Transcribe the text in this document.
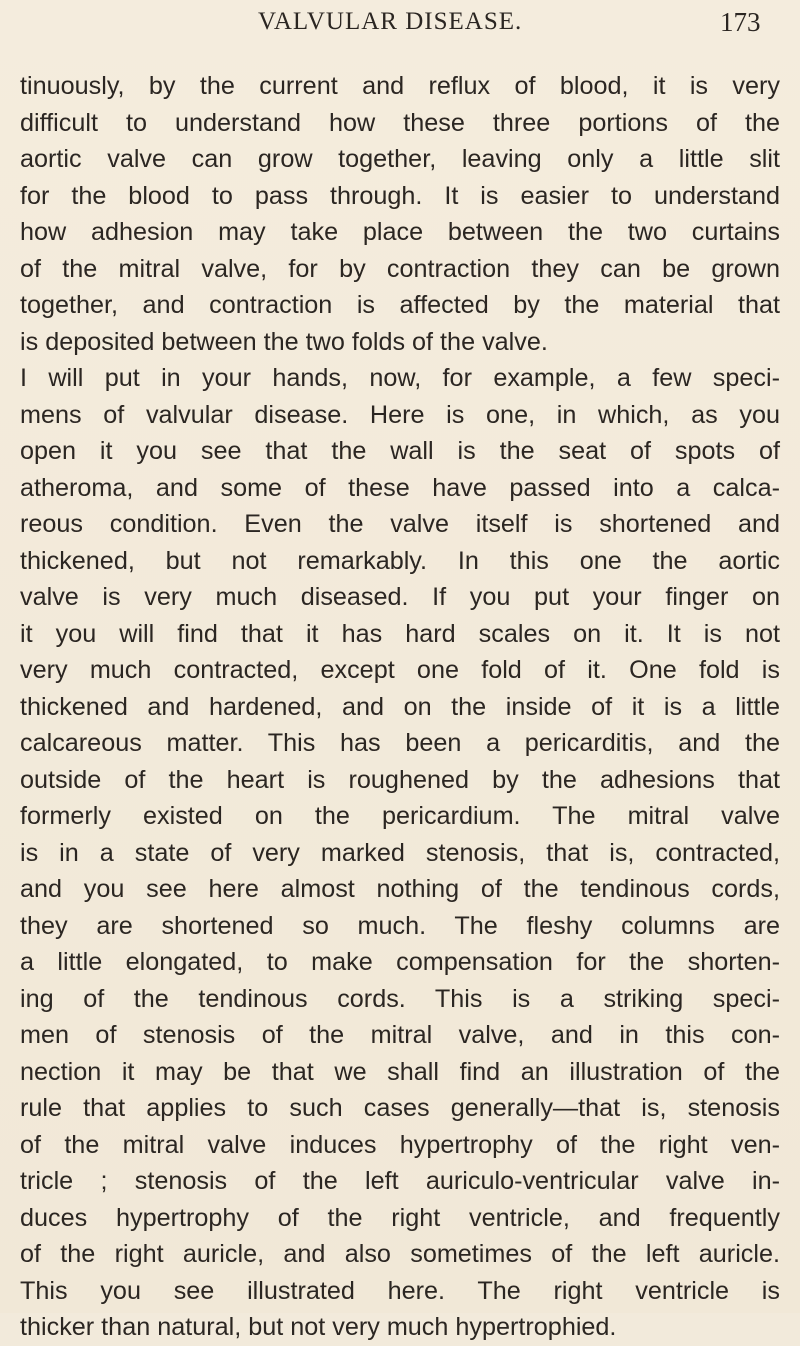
VALVULAR DISEASE.	173
tinuously, by the current and reflux of blood, it is very
difficult to understand how these three portions of the
aortic valve can grow together, leaving only a little slit
for the blood to pass through. It is easier to understand
how adhesion may take place between the two curtains
of the mitral valve, for by contraction they can be grown
together, and contraction is affected by the material that
is deposited between the two folds of the valve.
I will put in your hands, now, for example, a few speci-
mens of valvular disease. Here is one, in which, as you
open it you see that the wall is the seat of spots of
atheroma, and some of these have passed into a calca-
reous condition. Even the valve itself is shortened and
thickened, but not remarkably. In this one the aortic
valve is very much diseased. If you put your finger on
it you will find that it has hard scales on it. It is not
very much contracted, except one fold of it. One fold is
thickened and hardened, and on the inside of it is a little
calcareous matter. This has been a pericarditis, and the
outside of the heart is roughened by the adhesions that
formerly existed on the pericardium. The mitral valve
is in a state of very marked stenosis, that is, contracted,
and you see here almost nothing of the tendinous cords,
they are shortened so much. The fleshy columns are
a little elongated, to make compensation for the shorten-
ing of the tendinous cords. This is a striking speci-
men of stenosis of the mitral valve, and in this con-
nection it may be that we shall find an illustration of the
rule that applies to such cases generally—that is, stenosis
of the mitral valve induces hypertrophy of the right ven-
tricle ; stenosis of the left auriculo-ventricular valve in-
duces hypertrophy of the right ventricle, and frequently
of the right auricle, and also sometimes of the left auricle.
This you see illustrated here. The right ventricle is
thicker than natural, but not very much hypertrophied.
